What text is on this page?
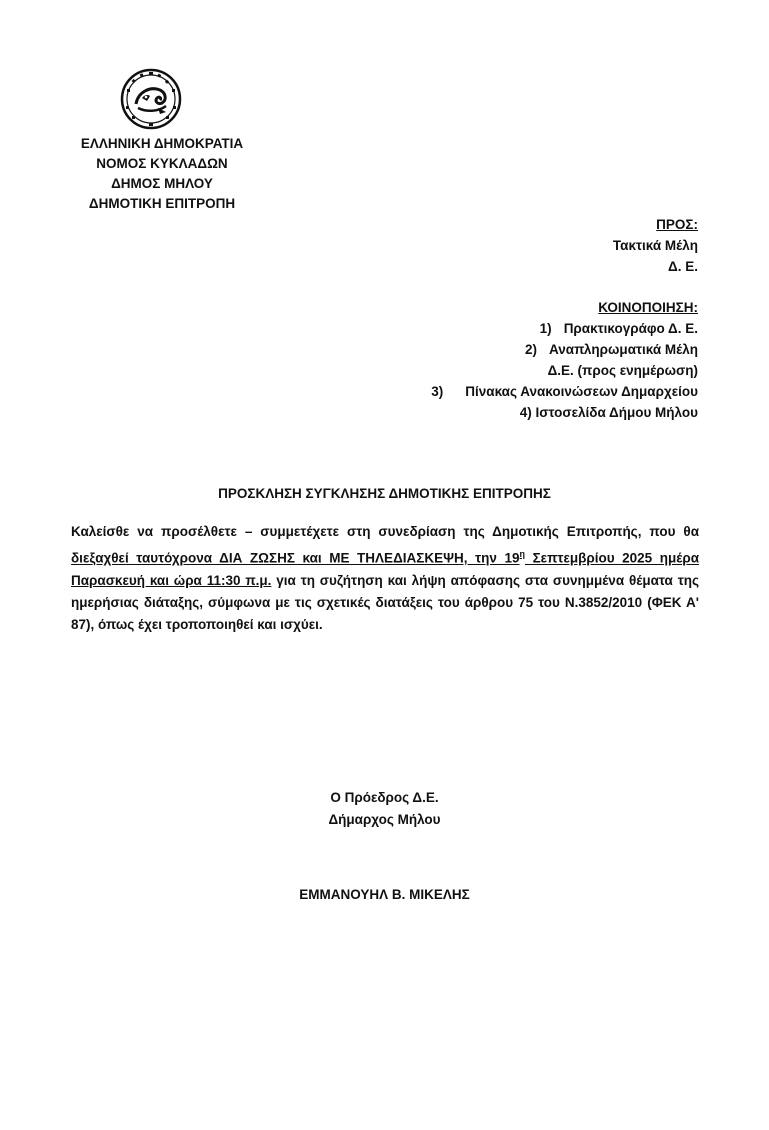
ΕΛΛΗΝΙΚΗ ΔΗΜΟΚΡΑΤΙΑ
ΝΟΜΟΣ ΚΥΚΛΑΔΩΝ
ΔΗΜΟΣ ΜΗΛΟΥ
ΔΗΜΟΤΙΚΗ ΕΠΙΤΡΟΠΗ
ΠΡΟΣ:
Τακτικά Μέλη
Δ. Ε.
ΚΟΙΝΟΠΟΙΗΣΗ:
1) Πρακτικογράφο Δ. Ε.
2) Αναπληρωματικά Μέλη
Δ.Ε. (προς ενημέρωση)
3) Πίνακας Ανακοινώσεων Δημαρχείου
4) Ιστοσελίδα Δήμου Μήλου
ΠΡΟΣΚΛΗΣΗ ΣΥΓΚΛΗΣΗΣ ΔΗΜΟΤΙΚΗΣ ΕΠΙΤΡΟΠΗΣ
Καλείσθε να προσέλθετε – συμμετέχετε στη συνεδρίαση της Δημοτικής Επιτροπής, που θα διεξαχθεί ταυτόχρονα ΔΙΑ ΖΩΣΗΣ και ΜΕ ΤΗΛΕΔΙΑΣΚΕΨΗ, την $19^\eta$ Σεπτεμβρίου 2025 ημέρα Παρασκευή και ώρα 11:30 π.μ. για τη συζήτηση και λήψη απόφασης στα συνημμένα θέματα της ημερήσιας διάταξης, σύμφωνα με τις σχετικές διατάξεις του άρθρου 75 του Ν.3852/2010 (ΦΕΚ Α' 87), όπως έχει τροποποιηθεί και ισχύει.
Ο Πρόεδρος Δ.Ε.
Δήμαρχος Μήλου
ΕΜΜΑΝΟΥΗΛ Β. ΜΙΚΕΛΗΣ
